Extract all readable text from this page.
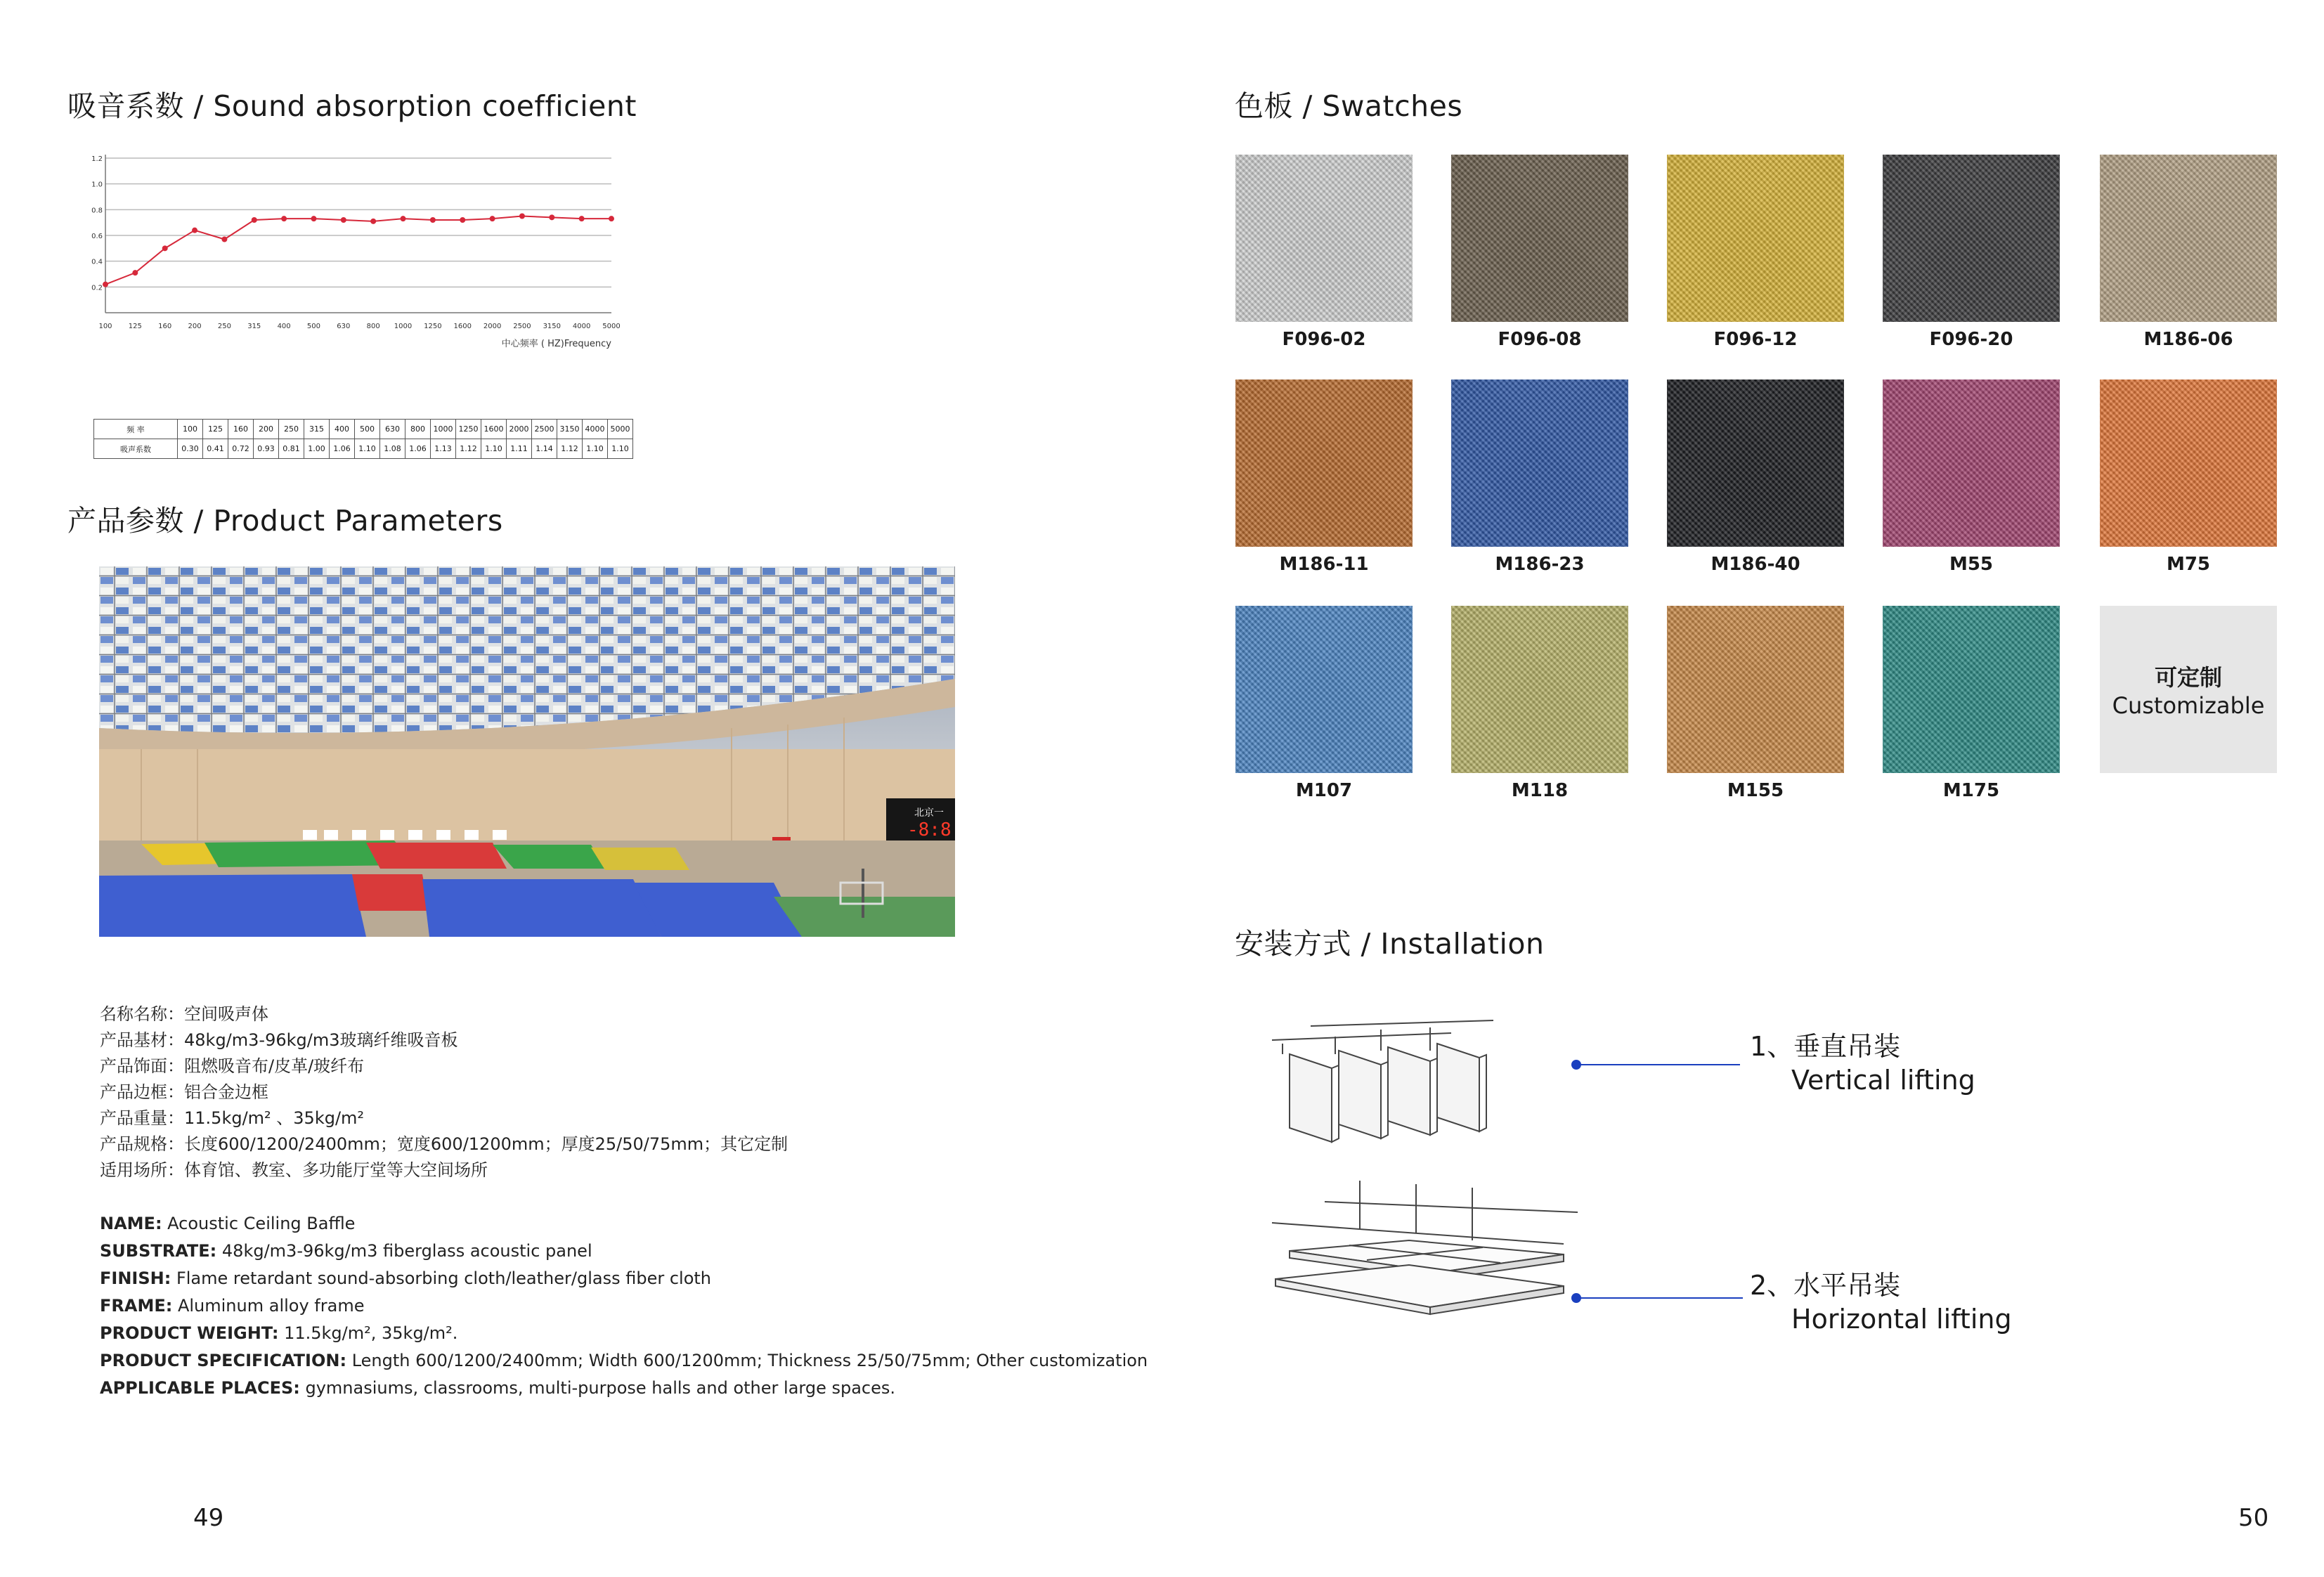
吸音系数 / Sound absorption coefficient
0.2
0.4
0.6
0.8
1.0
1.2
100 125 160 200 250 315 400 500 630 800 1000 1250 1600 2000 2500 3150 4000 5000
中心频率 ( HZ)Frequency
频 率	100	125	160	200	250	315	400	500	630	800	1000	1250	1600	2000	2500	3150	4000	5000
吸声系数	0.30	0.41	0.72	0.93	0.81	1.00	1.06	1.10	1.08	1.06	1.13	1.12	1.10	1.11	1.14	1.12	1.10	1.10
产品参数 / Product Parameters
北京一
-8:8
名称名称：空间吸声体
产品基材：48kg/m3-96kg/m3玻璃纤维吸音板
产品饰面：阻燃吸音布/皮革/玻纤布
产品边框：铝合金边框
产品重量：11.5kg/m² 、35kg/m²
产品规格：长度600/1200/2400mm；宽度600/1200mm；厚度25/50/75mm；其它定制
适用场所：体育馆、教室、多功能厅堂等大空间场所
NAME: Acoustic Ceiling Baffle
SUBSTRATE: 48kg/m3-96kg/m3 fiberglass acoustic panel
FINISH: Flame retardant sound-absorbing cloth/leather/glass fiber cloth
FRAME: Aluminum alloy frame
PRODUCT WEIGHT: 11.5kg/m², 35kg/m².
PRODUCT SPECIFICATION: Length 600/1200/2400mm; Width 600/1200mm; Thickness 25/50/75mm; Other customization
APPLICABLE PLACES: gymnasiums, classrooms, multi-purpose halls and other large spaces.
49
色板 / Swatches
F096-02	F096-08	F096-12	F096-20	M186-06
M186-11	M186-23	M186-40	M55	M75
M107	M118	M155	M175
可定制
Customizable
安装方式 / Installation
1、垂直吊装
Vertical lifting
2、水平吊装
Horizontal lifting
50
